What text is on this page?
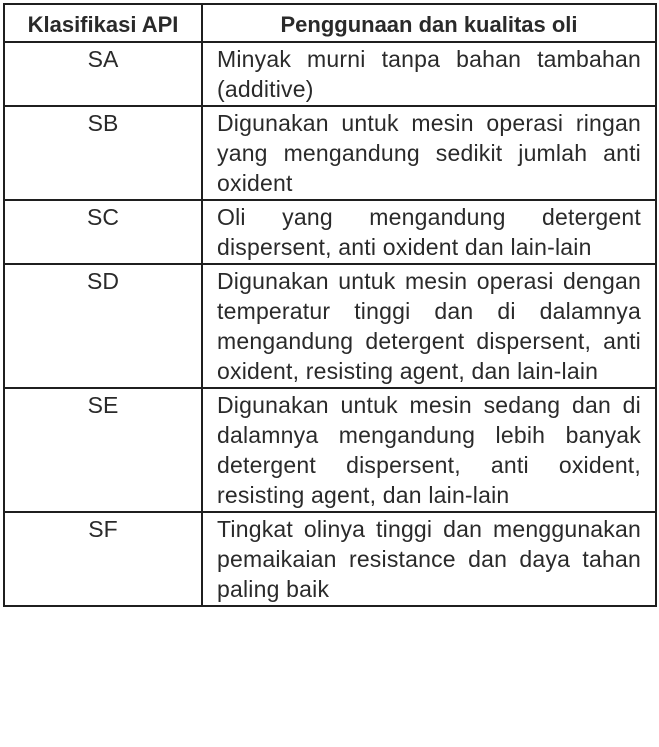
Klasifikasi API	Penggunaan dan kualitas oli
SA	Minyak murni tanpa bahan tambahan (additive)
SB	Digunakan untuk mesin operasi ringan yang mengandung sedikit jumlah anti oxident
SC	Oli yang mengandung detergent dispersent, anti oxident dan lain-lain
SD	Digunakan untuk mesin operasi dengan temperatur tinggi dan di dalamnya mengandung detergent dispersent, anti oxident, resisting agent, dan lain-lain
SE	Digunakan untuk mesin sedang dan di dalamnya mengandung lebih banyak detergent dispersent, anti oxident, resisting agent, dan lain-lain
SF	Tingkat olinya tinggi dan menggunakan pemaikaian resistance dan daya tahan paling baik
